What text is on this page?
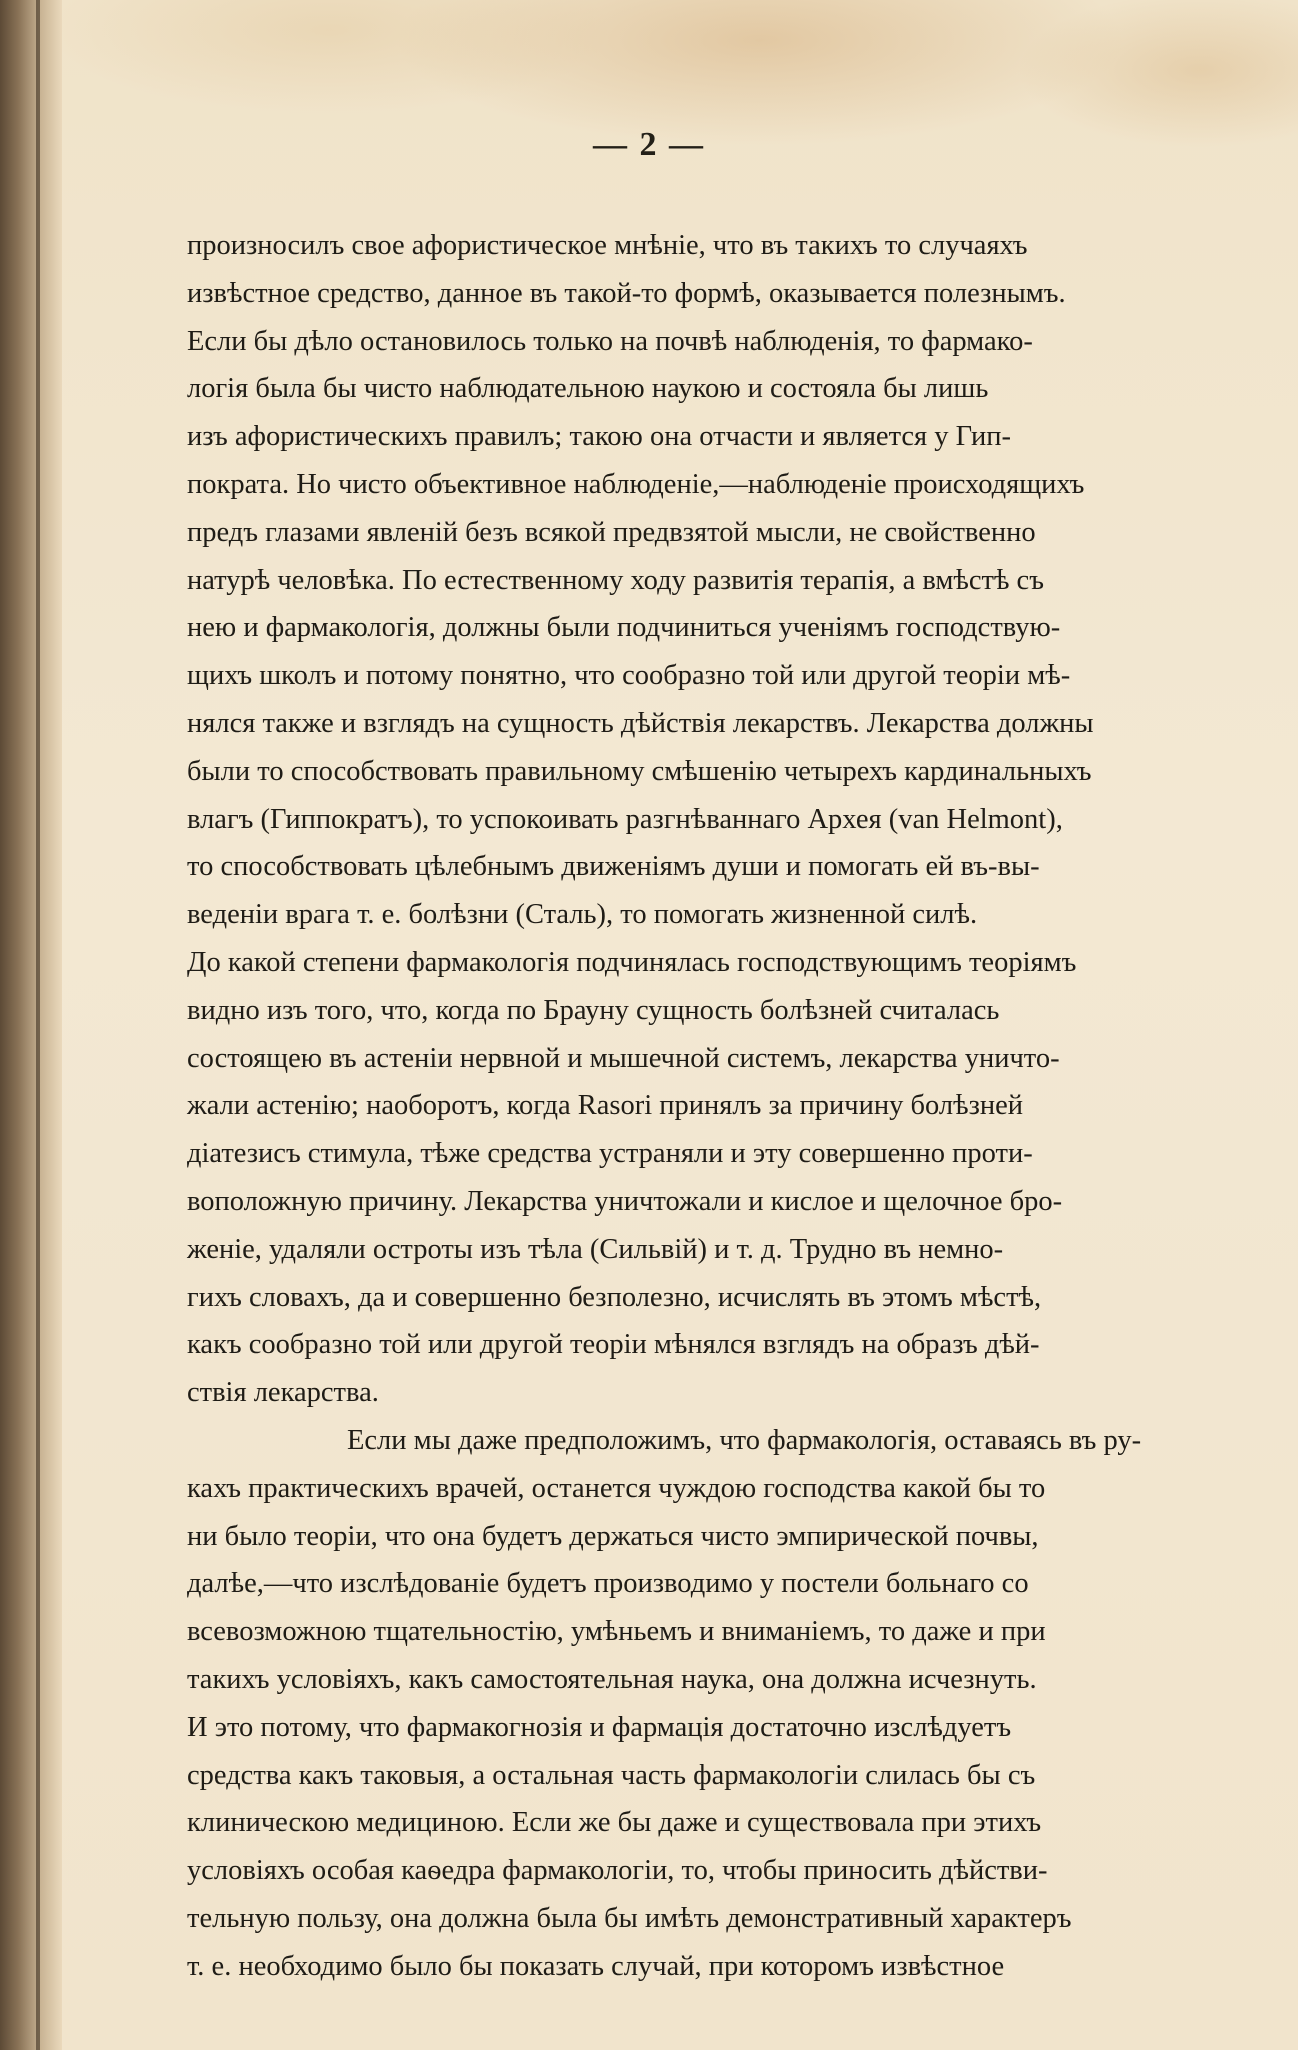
— 2 —

произносилъ свое афористическое мнѣніе, что въ такихъ то случаяхъ
извѣстное средство, данное въ такой-то формѣ, оказывается полезнымъ.
Если бы дѣло остановилось только на почвѣ наблюденія, то фармако-
логія была бы чисто наблюдательною наукою и состояла бы лишь
изъ афористическихъ правилъ; такою она отчасти и является у Гип-
пократа. Но чисто объективное наблюденіе,—наблюденіе происходящихъ
предъ глазами явленій безъ всякой предвзятой мысли, не свойственно
натурѣ человѣка. По естественному ходу развитія терапія, а вмѣстѣ съ
нею и фармакологія, должны были подчиниться ученіямъ господствую-
щихъ школъ и потому понятно, что сообразно той или другой теоріи мѣ-
нялся также и взглядъ на сущность дѣйствія лекарствъ. Лекарства должны
были то способствовать правильному смѣшенію четырехъ кардинальныхъ
влагъ (Гиппократъ), то успокоивать разгнѣваннаго Архея (van Helmont),
то способствовать цѣлебнымъ движеніямъ души и помогать ей въ-вы-
веденіи врага т. е. болѣзни (Сталь), то помогать жизненной силѣ.
До какой степени фармакологія подчинялась господствующимъ теоріямъ
видно изъ того, что, когда по Брауну сущность болѣзней считалась
состоящею въ астеніи нервной и мышечной системъ, лекарства уничто-
жали астенію; наоборотъ, когда Rasori принялъ за причину болѣзней
діатезисъ стимула, тѣже средства устраняли и эту совершенно проти-
воположную причину. Лекарства уничтожали и кислое и щелочное бро-
женіе, удаляли остроты изъ тѣла (Сильвій) и т. д. Трудно въ немно-
гихъ словахъ, да и совершенно безполезно, исчислять въ этомъ мѣстѣ,
какъ сообразно той или другой теоріи мѣнялся взглядъ на образъ дѣй-
ствія лекарства.

Если мы даже предположимъ, что фармакологія, оставаясь въ ру-
кахъ практическихъ врачей, останется чуждою господства какой бы то
ни было теоріи, что она будетъ держаться чисто эмпирической почвы,
далѣе,—что изслѣдованіе будетъ производимо у постели больнаго со
всевозможною тщательностію, умѣньемъ и вниманіемъ, то даже и при
такихъ условіяхъ, какъ самостоятельная наука, она должна исчезнуть.
И это потому, что фармакогнозія и фармація достаточно изслѣдуетъ
средства какъ таковыя, а остальная часть фармакологіи слилась бы съ
клиническою медициною. Если же бы даже и существовала при этихъ
условіяхъ особая каѳедра фармакологіи, то, чтобы приносить дѣйстви-
тельную пользу, она должна была бы имѣть демонстративный характеръ
т. е. необходимо было бы показать случай, при которомъ извѣстное
